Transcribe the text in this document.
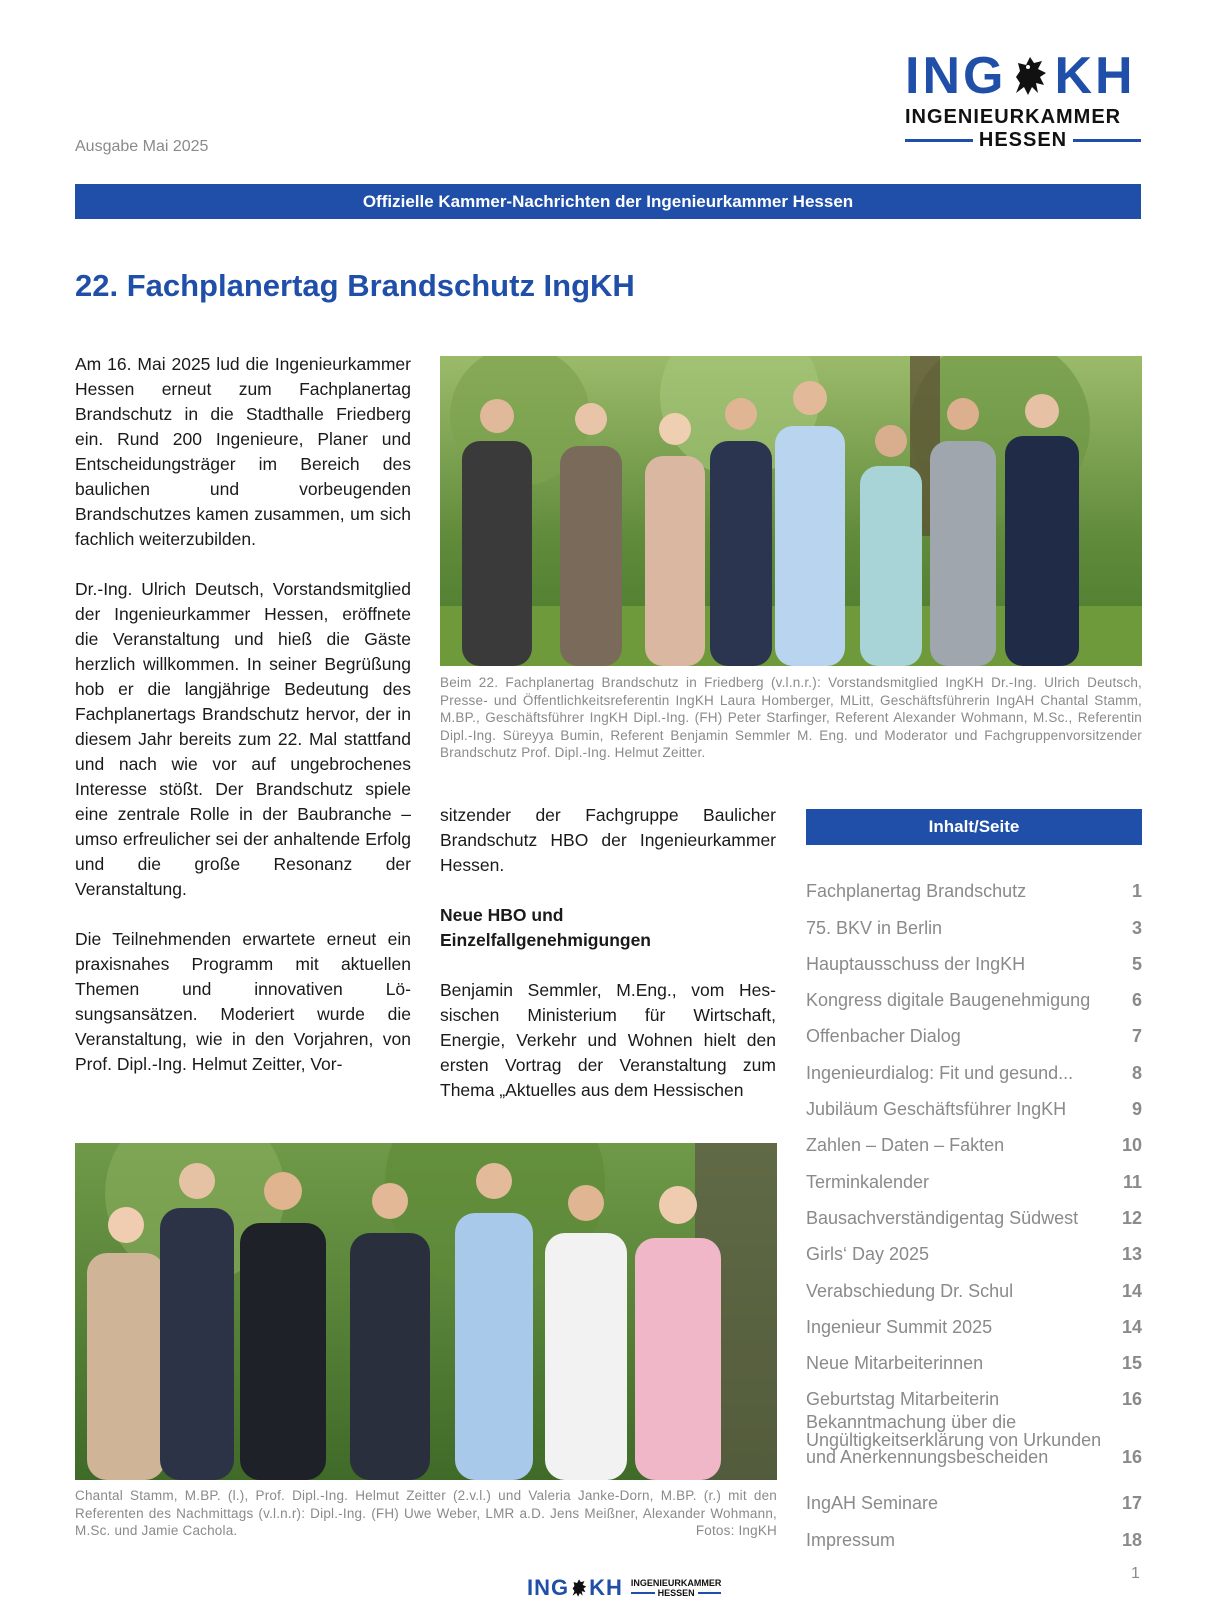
Ausgabe Mai 2025
ING KH
INGENIEURKAMMER
HESSEN
Offizielle Kammer-Nachrichten der Ingenieurkammer Hessen
22. Fachplanertag Brandschutz IngKH

Am 16. Mai 2025 lud die Ingenieurkammer Hessen erneut zum Fachplanertag Brandschutz in die Stadthalle Friedberg ein. Rund 200 Ingenieure, Planer und Entscheidungsträger im Bereich des baulichen und vorbeugenden Brandschutzes kamen zusammen, um sich fachlich weiterzubilden.

Dr.-Ing. Ulrich Deutsch, Vorstandsmitglied der Ingenieurkammer Hessen, eröffnete die Veranstaltung und hieß die Gäste herzlich willkommen. In seiner Begrüßung hob er die langjährige Bedeutung des Fachplanertags Brandschutz hervor, der in diesem Jahr bereits zum 22. Mal stattfand und nach wie vor auf ungebrochenes Interesse stößt. Der Brandschutz spiele eine zentrale Rolle in der Baubranche – umso erfreulicher sei der anhaltende Erfolg und die große Resonanz der Veranstaltung.

Die Teilnehmenden erwartete erneut ein praxisnahes Programm mit aktuellen Themen und innovativen Lösungsansätzen. Moderiert wurde die Veranstaltung, wie in den Vorjahren, von Prof. Dipl.-Ing. Helmut Zeitter, Vor-

Beim 22. Fachplanertag Brandschutz in Friedberg (v.l.n.r.): Vorstandsmitglied IngKH Dr.-Ing. Ulrich Deutsch, Presse- und Öffentlichkeitsreferentin IngKH Laura Homberger, MLitt, Geschäftsführerin IngAH Chantal Stamm, M.BP., Geschäftsführer IngKH Dipl.-Ing. (FH) Peter Starfinger, Referent Alexander Wohmann, M.Sc., Referentin Dipl.-Ing. Süreyya Bumin, Referent Benjamin Semmler M. Eng. und Moderator und Fachgruppenvorsitzender Brandschutz Prof. Dipl.-Ing. Helmut Zeitter.

sitzender der Fachgruppe Baulicher Brandschutz HBO der Ingenieurkammer Hessen.

Neue HBO und Einzelfallgenehmigungen

Benjamin Semmler, M.Eng., vom Hessischen Ministerium für Wirtschaft, Energie, Verkehr und Wohnen hielt den ersten Vortrag der Veranstaltung zum Thema „Aktuelles aus dem Hessischen

Chantal Stamm, M.BP. (l.), Prof. Dipl.-Ing. Helmut Zeitter (2.v.l.) und Valeria Janke-Dorn, M.BP. (r.) mit den Referenten des Nachmittags (v.l.n.r): Dipl.-Ing. (FH) Uwe Weber, LMR a.D. Jens Meißner, Alexander Wohmann, M.Sc. und Jamie Cachola.	Fotos: IngKH
Inhalt/Seite
Fachplanertag Brandschutz	1
75. BKV in Berlin	3
Hauptausschuss der IngKH	5
Kongress digitale Baugenehmigung 6
Offenbacher Dialog	7
Ingenieurdialog: Fit und gesund...	8
Jubiläum Geschäftsführer IngKH	9
Zahlen – Daten – Fakten	10
Terminkalender	11
Bausachverständigentag Südwest 12
Girls‘ Day 2025	13
Verabschiedung Dr. Schul	14
Ingenieur Summit 2025	14
Neue Mitarbeiterinnen	15
Geburtstag Mitarbeiterin	16
Bekanntmachung über die Ungültigkeitserklärung von Urkunden und Anerkennungsbescheiden	16
IngAH Seminare	17
Impressum	18
1
ING KH INGENIEURKAMMER
HESSEN
